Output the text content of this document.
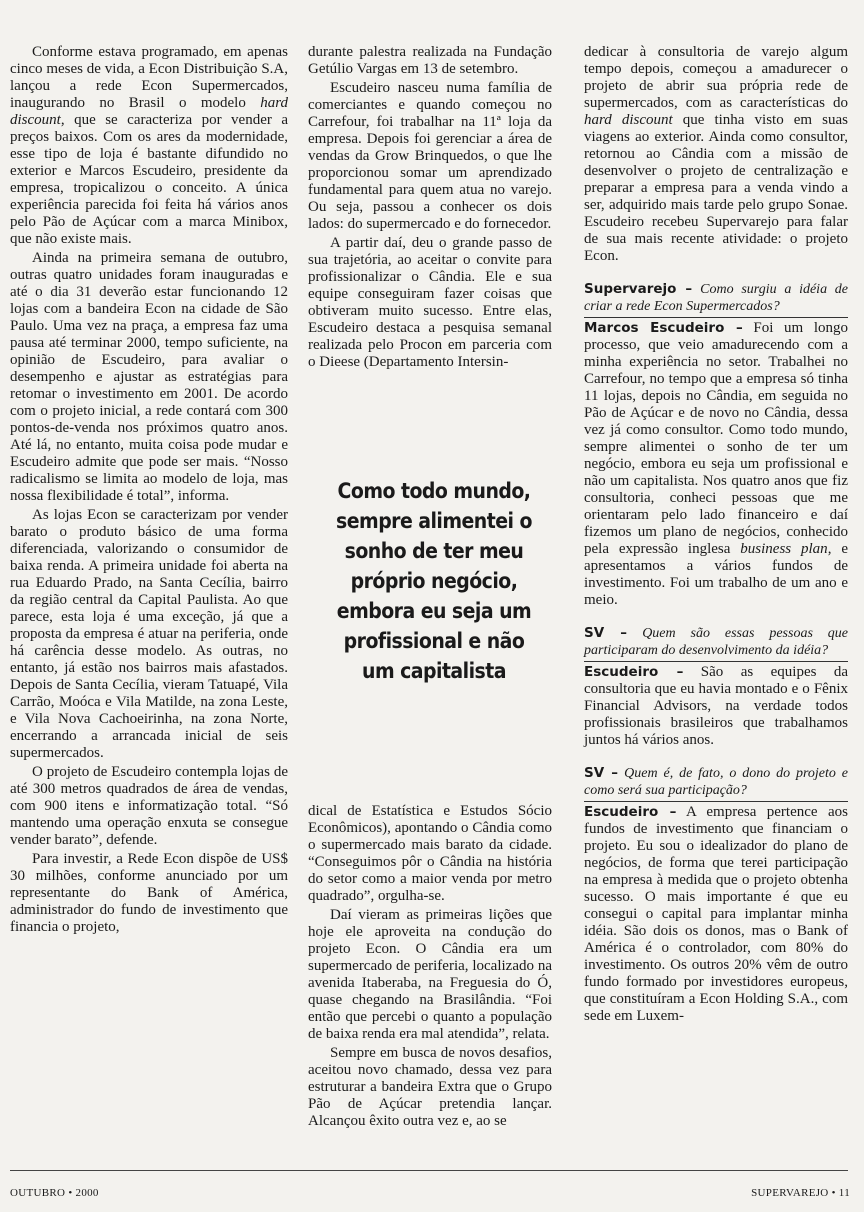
Conforme estava programado, em apenas cinco meses de vida, a Econ Distribuição S.A, lançou a rede Econ Supermercados, inaugurando no Brasil o modelo hard discount, que se caracteriza por vender a preços baixos. Com os ares da modernidade, esse tipo de loja é bastante difundido no exterior e Marcos Escudeiro, presidente da empresa, tropicalizou o conceito. A única experiência parecida foi feita há vários anos pelo Pão de Açúcar com a marca Minibox, que não existe mais.

Ainda na primeira semana de outubro, outras quatro unidades foram inauguradas e até o dia 31 deverão estar funcionando 12 lojas com a bandeira Econ na cidade de São Paulo. Uma vez na praça, a empresa faz uma pausa até terminar 2000, tempo suficiente, na opinião de Escudeiro, para avaliar o desempenho e ajustar as estratégias para retomar o investimento em 2001. De acordo com o projeto inicial, a rede contará com 300 pontos-de-venda nos próximos quatro anos. Até lá, no entanto, muita coisa pode mudar e Escudeiro admite que pode ser mais. “Nosso radicalismo se limita ao modelo de loja, mas nossa flexibilidade é total”, informa.

As lojas Econ se caracterizam por vender barato o produto básico de uma forma diferenciada, valorizando o consumidor de baixa renda. A primeira unidade foi aberta na rua Eduardo Prado, na Santa Cecília, bairro da região central da Capital Paulista. Ao que parece, esta loja é uma exceção, já que a proposta da empresa é atuar na periferia, onde há carência desse modelo. As outras, no entanto, já estão nos bairros mais afastados. Depois de Santa Cecília, vieram Tatuapé, Vila Carrão, Moóca e Vila Matilde, na zona Leste, e Vila Nova Cachoeirinha, na zona Norte, encerrando a arrancada inicial de seis supermercados.

O projeto de Escudeiro contempla lojas de até 300 metros quadrados de área de vendas, com 900 itens e informatização total. “Só mantendo uma operação enxuta se consegue vender barato”, defende.

Para investir, a Rede Econ dispõe de US$ 30 milhões, conforme anunciado por um representante do Bank of América, administrador do fundo de investimento que financia o projeto,

durante palestra realizada na Fundação Getúlio Vargas em 13 de setembro.

Escudeiro nasceu numa família de comerciantes e quando começou no Carrefour, foi trabalhar na 11ª loja da empresa. Depois foi gerenciar a área de vendas da Grow Brinquedos, o que lhe proporcionou somar um aprendizado fundamental para quem atua no varejo. Ou seja, passou a conhecer os dois lados: do supermercado e do fornecedor.

A partir daí, deu o grande passo de sua trajetória, ao aceitar o convite para profissionalizar o Cândia. Ele e sua equipe conseguiram fazer coisas que obtiveram muito sucesso. Entre elas, Escudeiro destaca a pesquisa semanal realizada pelo Procon em parceria com o Dieese (Departamento Intersin-

Como todo mundo,
sempre alimentei o
sonho de ter meu
próprio negócio,
embora eu seja um
profissional e não
um capitalista

dical de Estatística e Estudos Sócio Econômicos), apontando o Cândia como o supermercado mais barato da cidade. “Conseguimos pôr o Cândia na história do setor como a maior venda por metro quadrado”, orgulha-se.

Daí vieram as primeiras lições que hoje ele aproveita na condução do projeto Econ. O Cândia era um supermercado de periferia, localizado na avenida Itaberaba, na Freguesia do Ó, quase chegando na Brasilândia. “Foi então que percebi o quanto a população de baixa renda era mal atendida”, relata.

Sempre em busca de novos desafios, aceitou novo chamado, dessa vez para estruturar a bandeira Extra que o Grupo Pão de Açúcar pretendia lançar. Alcançou êxito outra vez e, ao se

dedicar à consultoria de varejo algum tempo depois, começou a amadurecer o projeto de abrir sua própria rede de supermercados, com as características do hard discount que tinha visto em suas viagens ao exterior. Ainda como consultor, retornou ao Cândia com a missão de desenvolver o projeto de centralização e preparar a empresa para a venda vindo a ser, adquirido mais tarde pelo grupo Sonae. Escudeiro recebeu Supervarejo para falar de sua mais recente atividade: o projeto Econ.

Supervarejo – Como surgiu a idéia de criar a rede Econ Supermercados?

Marcos Escudeiro – Foi um longo processo, que veio amadurecendo com a minha experiência no setor. Trabalhei no Carrefour, no tempo que a empresa só tinha 11 lojas, depois no Cândia, em seguida no Pão de Açúcar e de novo no Cândia, dessa vez já como consultor. Como todo mundo, sempre alimentei o sonho de ter um negócio, embora eu seja um profissional e não um capitalista. Nos quatro anos que fiz consultoria, conheci pessoas que me orientaram pelo lado financeiro e daí fizemos um plano de negócios, conhecido pela expressão inglesa business plan, e apresentamos a vários fundos de investimento. Foi um trabalho de um ano e meio.

SV – Quem são essas pessoas que participaram do desenvolvimento da idéia?

Escudeiro – São as equipes da consultoria que eu havia montado e o Fênix Financial Advisors, na verdade todos profissionais brasileiros que trabalhamos juntos há vários anos.

SV – Quem é, de fato, o dono do projeto e como será sua participação?

Escudeiro – A empresa pertence aos fundos de investimento que financiam o projeto. Eu sou o idealizador do plano de negócios, de forma que terei participação na empresa à medida que o projeto obtenha sucesso. O mais importante é que eu consegui o capital para implantar minha idéia. São dois os donos, mas o Bank of América é o controlador, com 80% do investimento. Os outros 20% vêm de outro fundo formado por investidores europeus, que constituíram a Econ Holding S.A., com sede em Luxem-

OUTUBRO • 2000	SUPERVAREJO • 11
